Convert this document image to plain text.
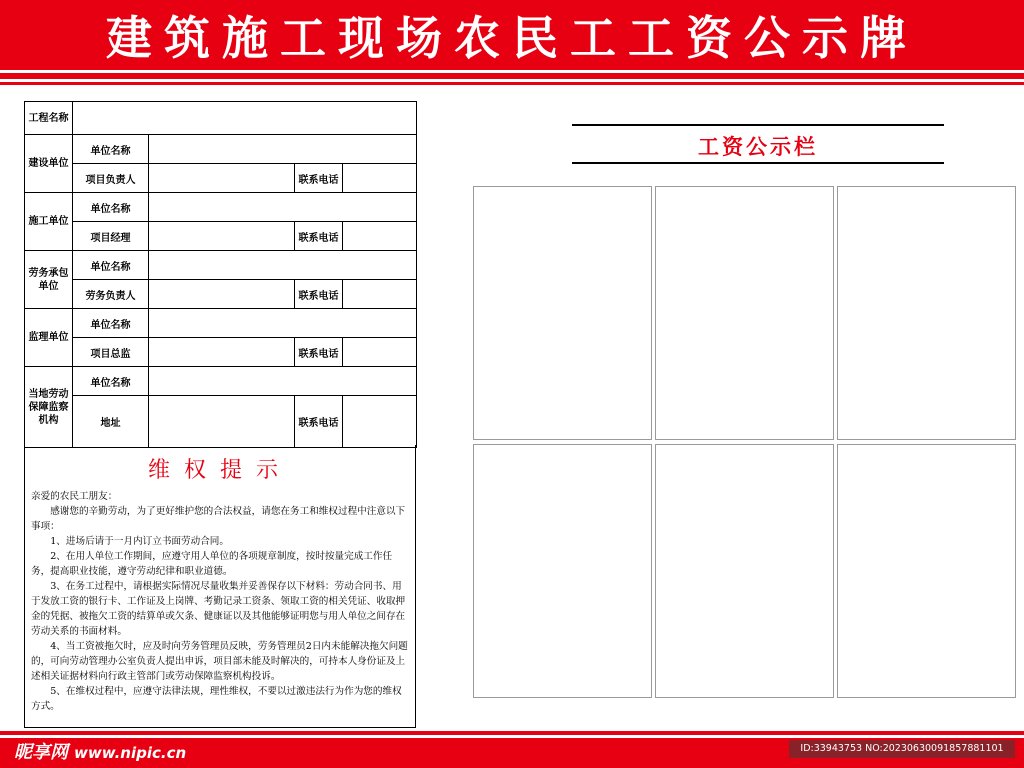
建筑施工现场农民工工资公示牌
工程名称				
建设单位	单位名称			
	项目负责人		联系电话	
施工单位	单位名称			
	项目经理		联系电话	
劳务承包单位	单位名称			
	劳务负责人		联系电话	
监理单位	单位名称			
	项目总监		联系电话	
当地劳动保障监察机构	单位名称			
	地址		联系电话	
维权提示

亲爱的农民工朋友：

感谢您的辛勤劳动，为了更好维护您的合法权益，请您在务工和维权过程中注意以下事项：

1、进场后请于一月内订立书面劳动合同。

2、在用人单位工作期间，应遵守用人单位的各项规章制度，按时按量完成工作任务，提高职业技能，遵守劳动纪律和职业道德。

3、在务工过程中，请根据实际情况尽量收集并妥善保存以下材料：劳动合同书、用于发放工资的银行卡、工作证及上岗牌、考勤记录工资条、领取工资的相关凭证、收取押金的凭据、被拖欠工资的结算单或欠条、健康证以及其他能够证明您与用人单位之间存在劳动关系的书面材料。

4、当工资被拖欠时，应及时向劳务管理员反映，劳务管理员2日内未能解决拖欠问题的，可向劳动管理办公室负责人提出申诉，项目部未能及时解决的，可持本人身份证及上述相关证据材料向行政主管部门或劳动保障监察机构投诉。

5、在维权过程中，应遵守法律法规，理性维权，不要以过激违法行为作为您的维权方式。

工资公示栏
昵享网 www.nipic.cn	ID:33943753 NO:20230630091857881101
